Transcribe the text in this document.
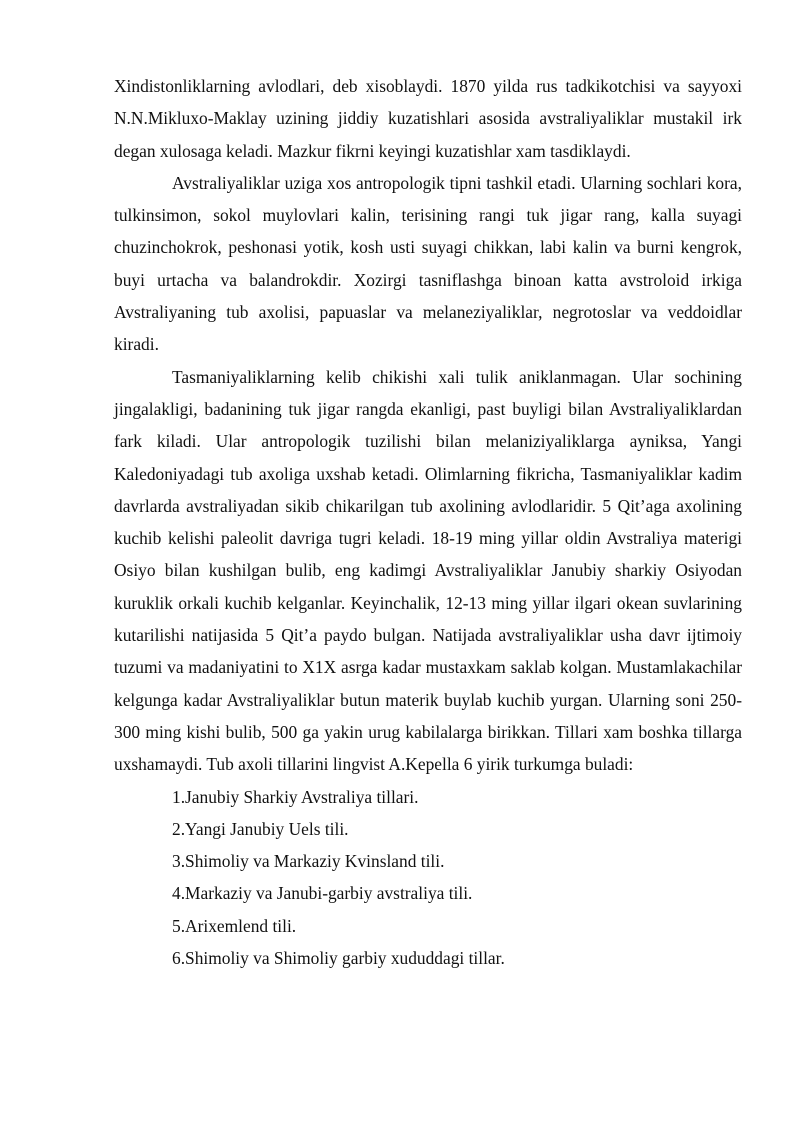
Xindistonliklarning avlodlari, deb xisoblaydi. 1870 yilda rus tadkikotchisi va sayyoxi N.N.Mikluxo-Maklay uzining jiddiy kuzatishlari asosida avstraliyaliklar mustakil irk degan xulosaga keladi. Mazkur fikrni keyingi kuzatishlar xam tasdiklaydi.

Avstraliyaliklar uziga xos antropologik tipni tashkil etadi. Ularning sochlari kora, tulkinsimon, sokol muylovlari kalin, terisining rangi tuk jigar rang, kalla suyagi chuzinchokrok, peshonasi yotik, kosh usti suyagi chikkan, labi kalin va burni kengrok, buyi urtacha va balandrokdir. Xozirgi tasniflashga binoan katta avstroloid irkiga Avstraliyaning tub axolisi, papuaslar va melaneziyaliklar, negrotoslar va veddoidlar kiradi.

Tasmaniyaliklarning kelib chikishi xali tulik aniklanmagan. Ular sochining jingalakligi, badanining tuk jigar rangda ekanligi, past buyligi bilan Avstraliyaliklardan fark kiladi. Ular antropologik tuzilishi bilan melaniziyaliklarga ayniksa, Yangi Kaledoniyadagi tub axoliga uxshab ketadi. Olimlarning fikricha, Tasmaniyaliklar kadim davrlarda avstraliyadan sikib chikarilgan tub axolining avlodlaridir. 5 Qit’aga axolining kuchib kelishi paleolit davriga tugri keladi. 18-19 ming yillar oldin Avstraliya materigi Osiyo bilan kushilgan bulib, eng kadimgi Avstraliyaliklar Janubiy sharkiy Osiyodan kuruklik orkali kuchib kelganlar. Keyinchalik, 12-13 ming yillar ilgari okean suvlarining kutarilishi natijasida 5 Qit’a paydo bulgan. Natijada avstraliyaliklar usha davr ijtimoiy tuzumi va madaniyatini to X1X asrga kadar mustaxkam saklab kolgan. Mustamlakachilar kelgunga kadar Avstraliyaliklar butun materik buylab kuchib yurgan. Ularning soni 250-300 ming kishi bulib, 500 ga yakin urug kabilalarga birikkan. Tillari xam boshka tillarga uxshamaydi. Tub axoli tillarini lingvist A.Kepella 6 yirik turkumga buladi:

1.Janubiy Sharkiy Avstraliya tillari.
2.Yangi Janubiy Uels tili.
3.Shimoliy va Markaziy Kvinsland tili.
4.Markaziy va Janubi-garbiy avstraliya tili.
5.Arixemlend tili.
6.Shimoliy va Shimoliy garbiy xududdagi tillar.
